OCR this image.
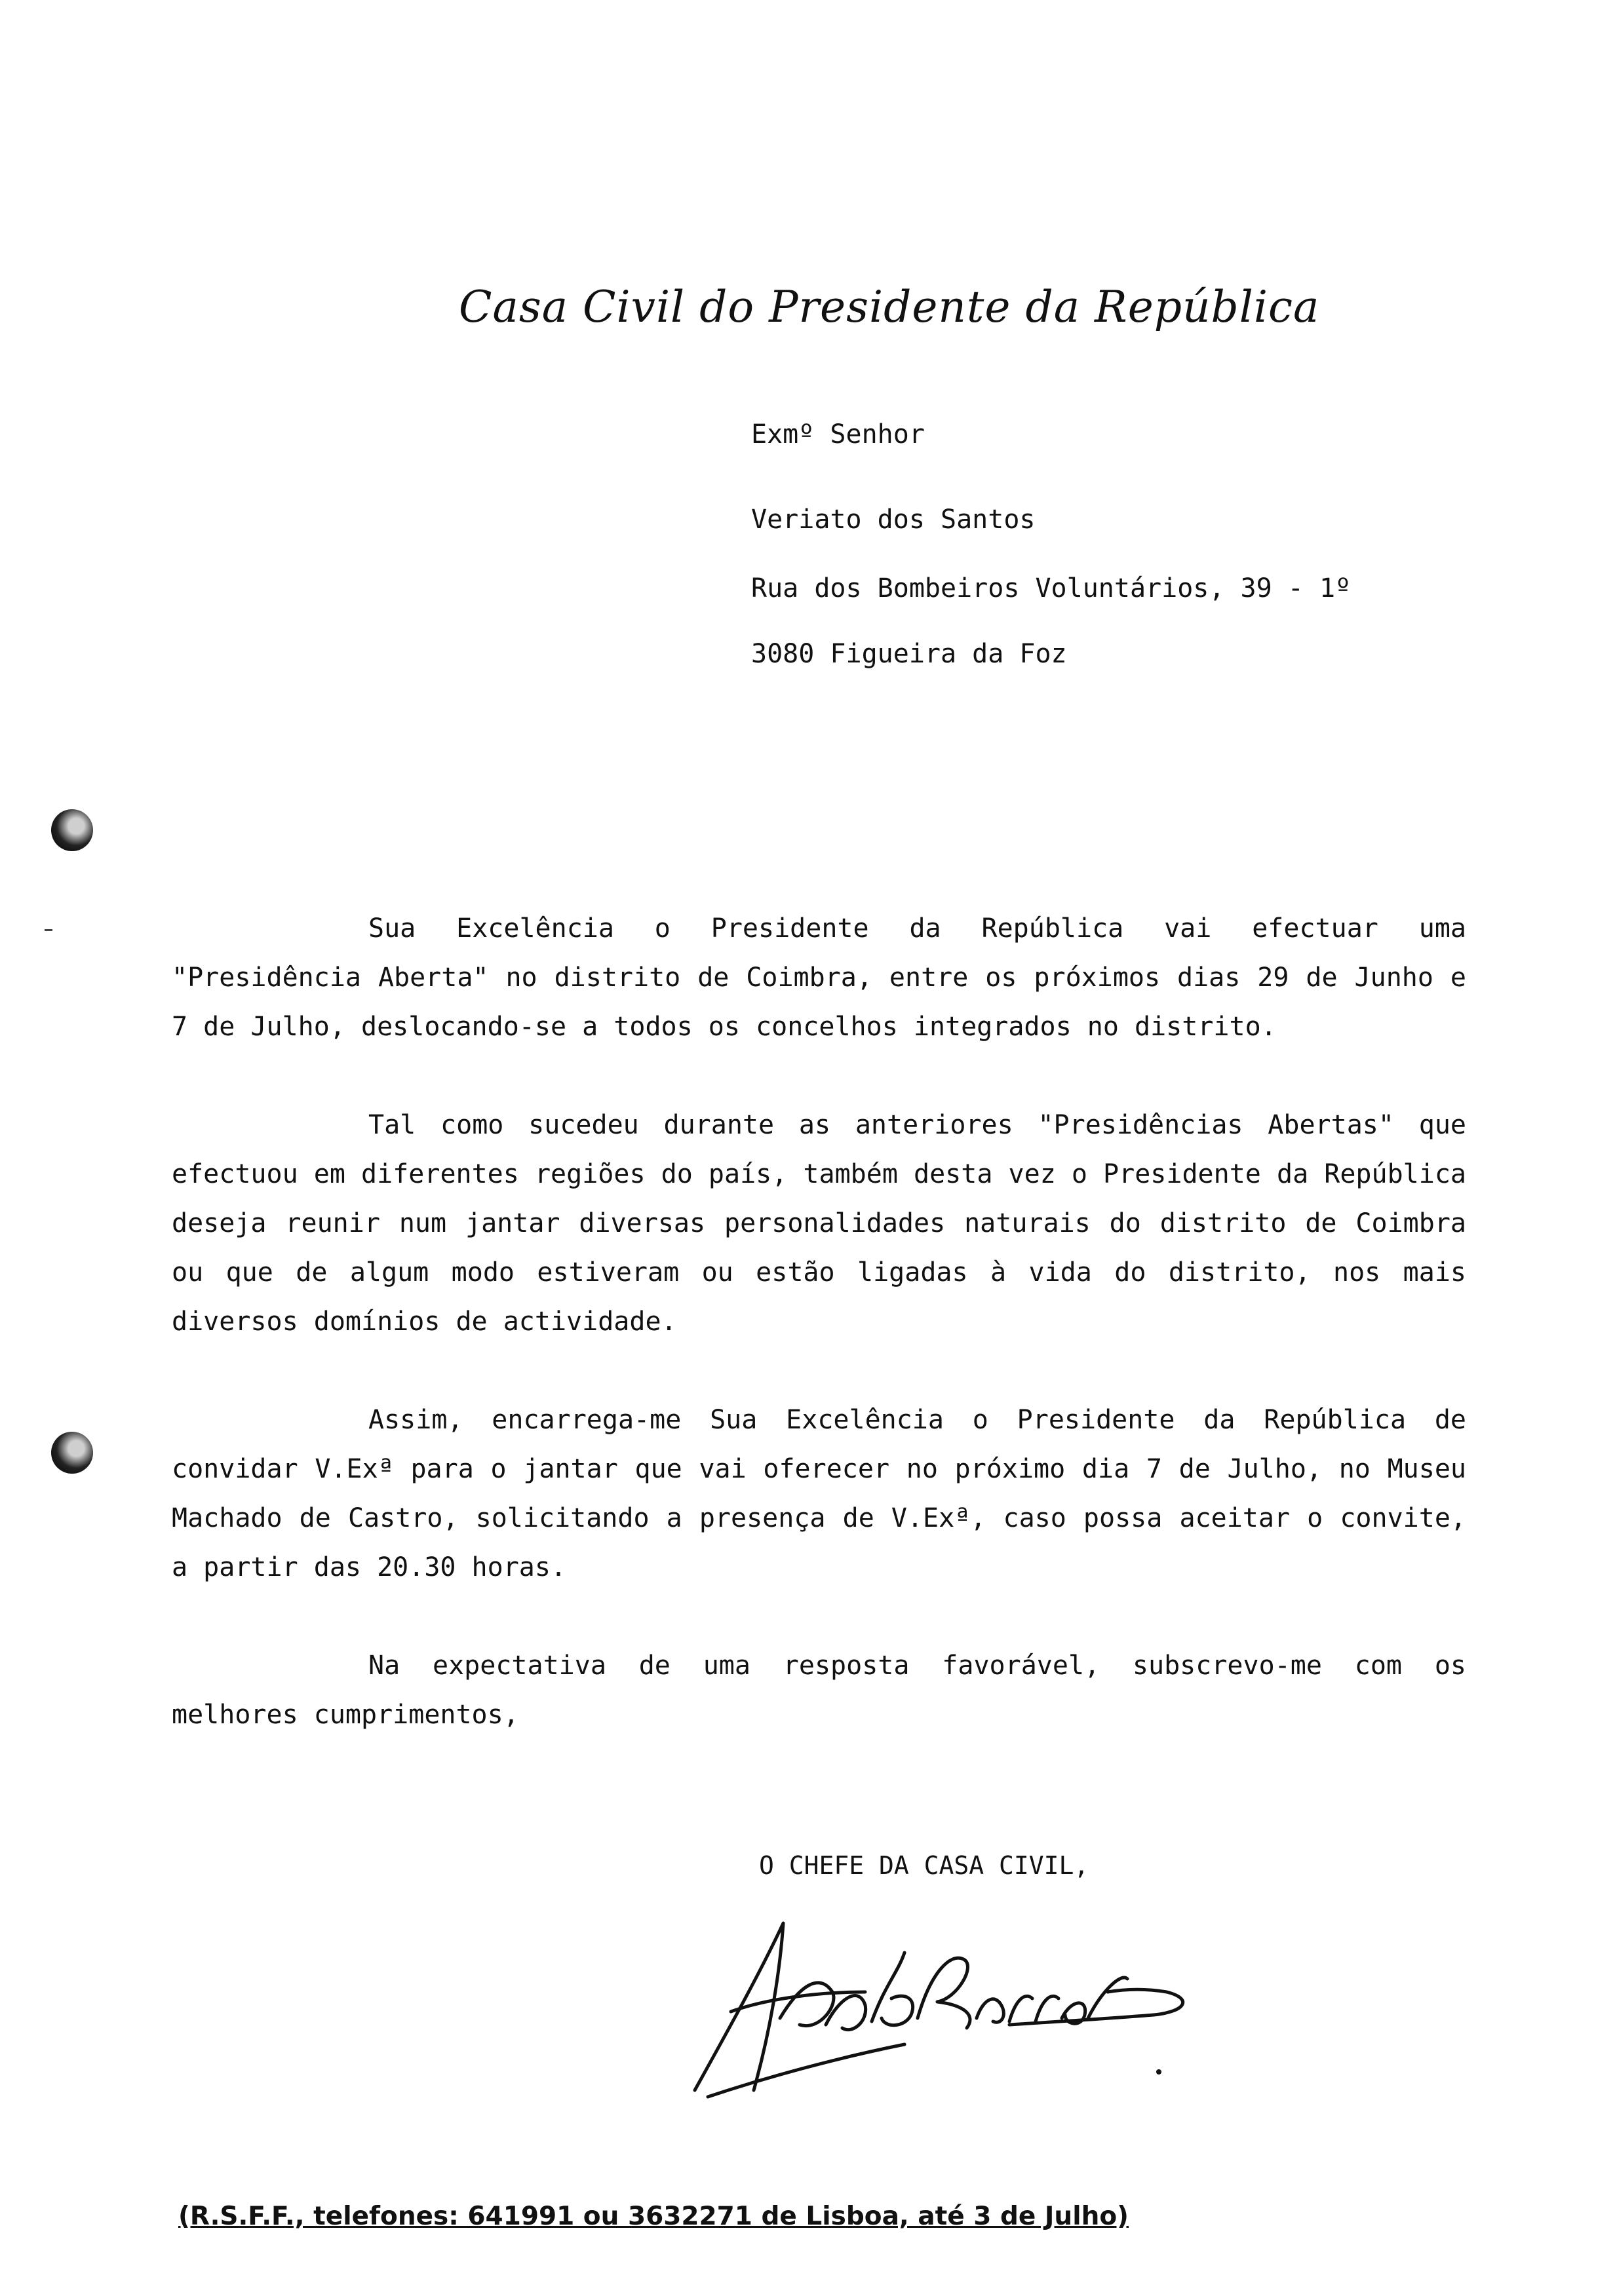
Casa Civil do Presidente da República
Exmº Senhor
Veriato dos Santos
Rua dos Bombeiros Voluntários, 39 - 1º
3080 Figueira da Foz

Sua Excelência o Presidente da República vai efectuar uma "Presidência Aberta" no distrito de Coimbra, entre os próximos dias 29 de Junho e 7 de Julho, deslocando-se a todos os concelhos integrados no distrito.

Tal como sucedeu durante as anteriores "Presidências Abertas" que efectuou em diferentes regiões do país, também desta vez o Presidente da República deseja reunir num jantar diversas personalidades naturais do distrito de Coimbra ou que de algum modo estiveram ou estão ligadas à vida do distrito, nos mais diversos domínios de actividade.

Assim, encarrega-me Sua Excelência o Presidente da República de convidar V.Exª para o jantar que vai oferecer no próximo dia 7 de Julho, no Museu Machado de Castro, solicitando a presença de V.Exª, caso possa aceitar o convite, a partir das 20.30 horas.

Na expectativa de uma resposta favorável, subscrevo-me com os melhores cumprimentos,

O CHEFE DA CASA CIVIL,
(R.S.F.F., telefones: 641991 ou 3632271 de Lisboa, até 3 de Julho)
